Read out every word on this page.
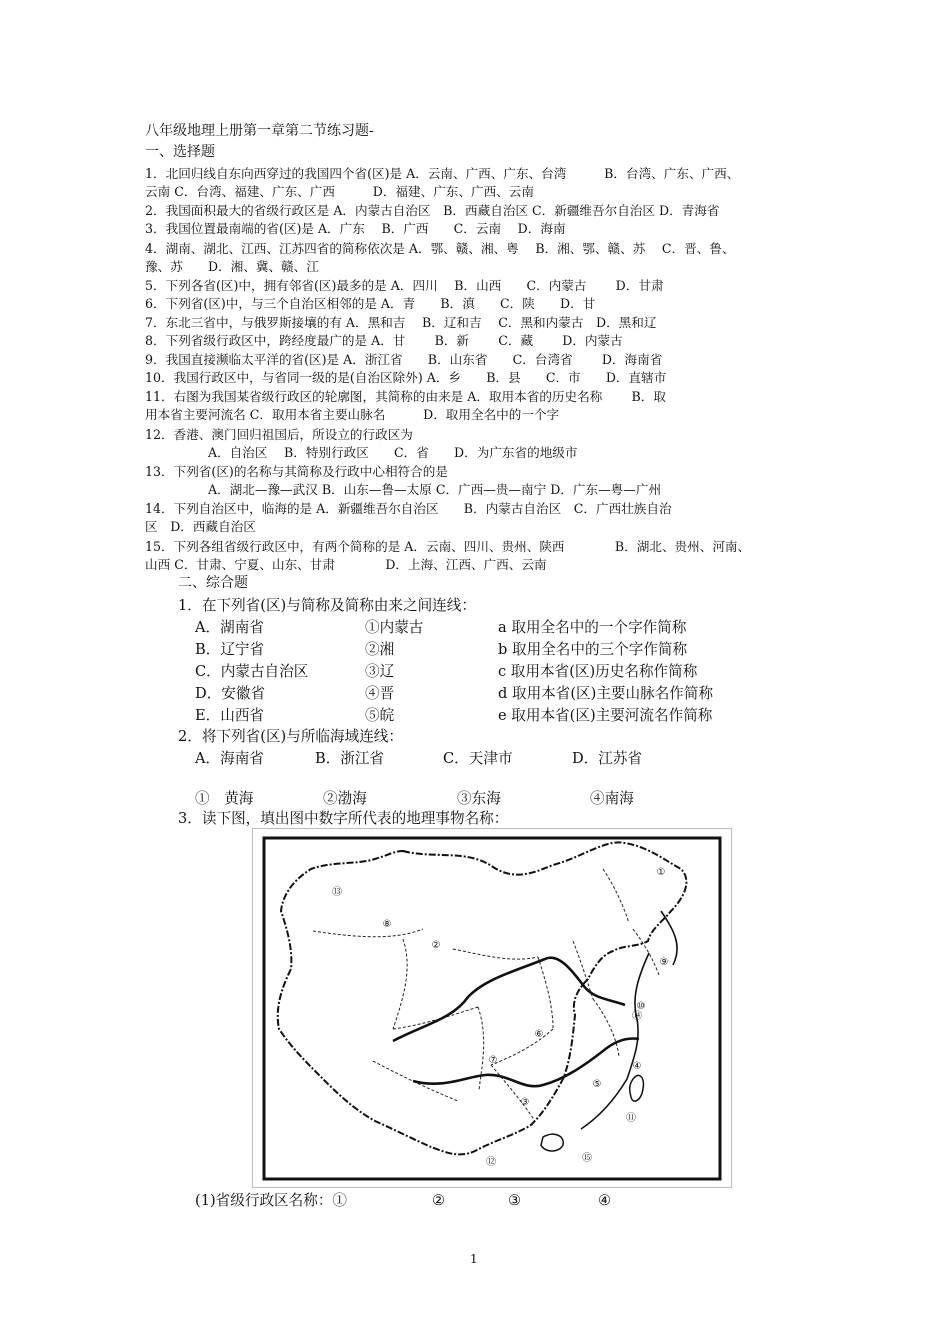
八年级地理上册第一章第二节练习题-
一、选择题
1．北回归线自东向西穿过的我国四个省(区)是 A．云南、广西、广东、台湾　　　B．台湾、广东、广西、
云南 C．台湾、福建、广东、广西　　　D．福建、广东、广西、云南
2．我国面积最大的省级行政区是 A．内蒙古自治区　B．西藏自治区 C．新疆维吾尔自治区 D．青海省
3．我国位置最南端的省(区)是 A．广东　 B．广西　　C．云南　 D．海南
4．湖南、湖北、江西、江苏四省的简称依次是 A．鄂、赣、湘、粤　 B．湘、鄂、赣、苏　 C．晋、鲁、
豫、苏　　D．湘、冀、赣、江
5．下列各省(区)中，拥有邻省(区)最多的是 A．四川　 B．山西　　C．内蒙古　　 D．甘肃
6．下列省(区)中，与三个自治区相邻的是 A．青　　B．滇　　C．陕　　D．甘
7．东北三省中，与俄罗斯接壤的有 A．黑和吉　 B．辽和吉　 C．黑和内蒙古　D．黑和辽
8．下列省级行政区中，跨经度最广的是 A．甘　　 B．新　　 C．藏　　 D．内蒙古
9．我国直接濒临太平洋的省(区)是 A．浙江省　　B．山东省　　C．台湾省　　 D．海南省
10．我国行政区中，与省同一级的是(自治区除外) A．乡　　B．县　　C．市　　D．直辖市
11．右图为我国某省级行政区的轮廓图，其简称的由来是 A．取用本省的历史名称　　 B．取
用本省主要河流名 C．取用本省主要山脉名　　　D．取用全名中的一个字
12．香港、澳门回归祖国后，所设立的行政区为
　　　　　A．自治区　 B．特别行政区　　C．省　　D．为广东省的地级市
13．下列省(区)的名称与其简称及行政中心相符合的是
　　　　　A．湖北—豫—武汉 B．山东—鲁—太原 C．广西—贵—南宁 D．广东—粤—广州
14．下列自治区中，临海的是 A．新疆维吾尔自治区　　B．内蒙古自治区　C．广西壮族自治
区　D．西藏自治区
15．下列各组省级行政区中，有两个简称的是 A．云南、四川、贵州、陕西　　　　B．湖北、贵州、河南、
山西 C．甘肃、宁夏、山东、甘肃　　　　D．上海、江西、广西、云南
二、综合题
1．在下列省(区)与简称及简称由来之间连线：
A．湖南省	①内蒙古	a 取用全名中的一个字作简称
B．辽宁省	②湘	b 取用全名中的三个字作简称
C．内蒙古自治区	③辽	c 取用本省(区)历史名称作简称
D．安徽省	④晋	d 取用本省(区)主要山脉名作简称
E．山西省	⑤皖	e 取用本省(区)主要河流名作简称
2．将下列省(区)与所临海域连线：
A．海南省	B．浙江省	C．天津市	D．江苏省
①　黄海	②渤海	③东海	④南海
3．读下图，填出图中数字所代表的地理事物名称：
①
②
③
④
⑤
⑥
⑦
⑧
⑨
⑩
⑪
⑫
⑬
⑭
⑮
(1)省级行政区名称：①	②	③	④
1
